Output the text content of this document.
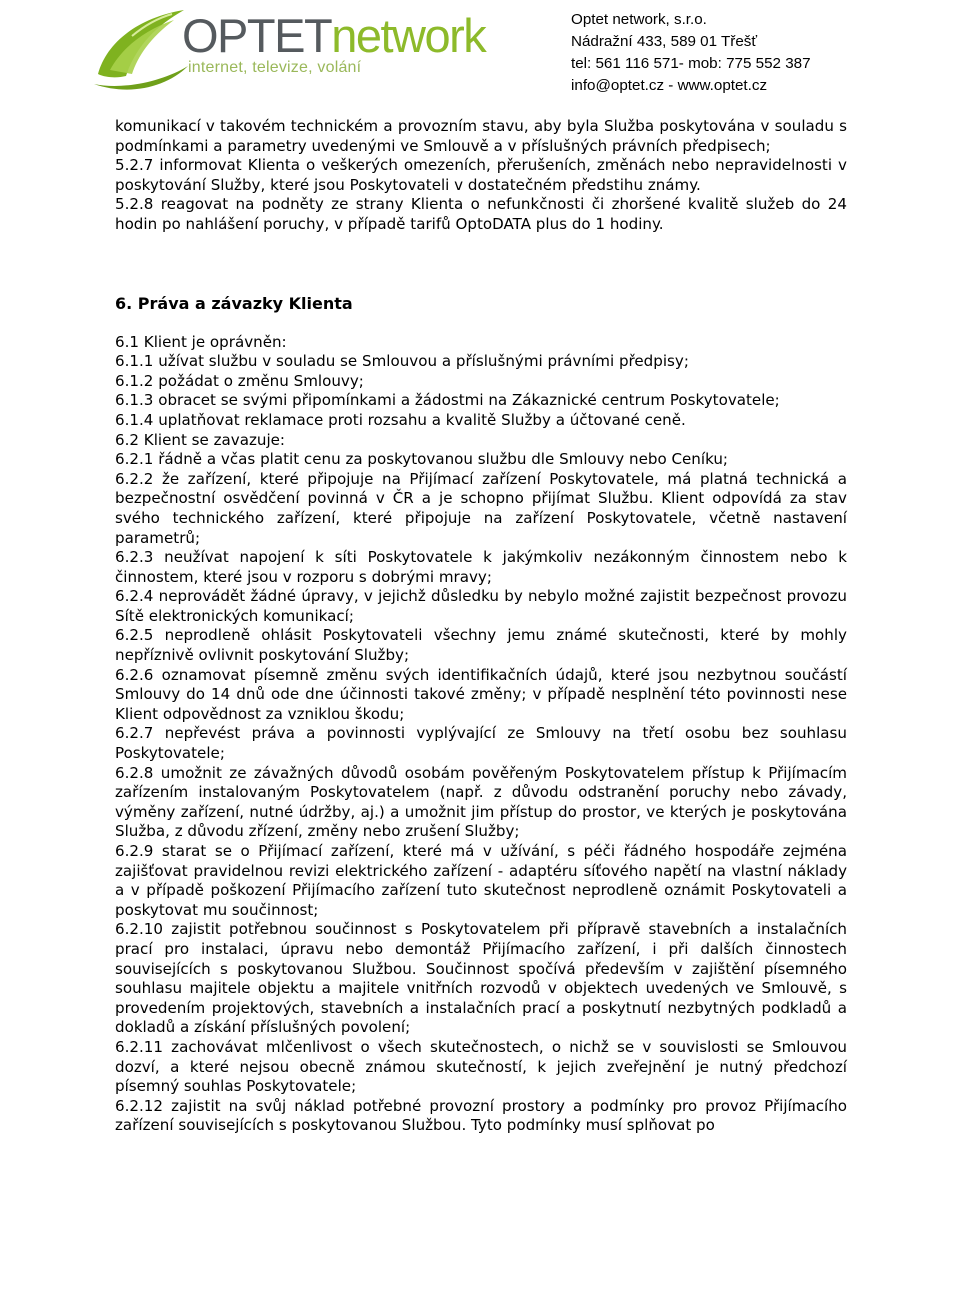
OPTETnetwork
internet, televize, volání
Optet network, s.r.o.
Nádražní 433, 589 01 Třešť
tel: 561 116 571- mob: 775 552 387
info@optet.cz - www.optet.cz

komunikací v takovém technickém a provozním stavu, aby byla Služba poskytována v souladu s podmínkami a parametry uvedenými ve Smlouvě a v příslušných právních předpisech;

5.2.7 informovat Klienta o veškerých omezeních, přerušeních, změnách nebo nepravidelnosti v poskytování Služby, které jsou Poskytovateli v dostatečném předstihu známy.

5.2.8 reagovat na podněty ze strany Klienta o nefunkčnosti či zhoršené kvalitě služeb do 24 hodin po nahlášení poruchy, v případě tarifů OptoDATA plus do 1 hodiny.

6. Práva a závazky Klienta

6.1 Klient je oprávněn:

6.1.1 užívat službu v souladu se Smlouvou a příslušnými právními předpisy;

6.1.2 požádat o změnu Smlouvy;

6.1.3 obracet se svými připomínkami a žádostmi na Zákaznické centrum Poskytovatele;

6.1.4 uplatňovat reklamace proti rozsahu a kvalitě Služby a účtované ceně.

6.2 Klient se zavazuje:

6.2.1 řádně a včas platit cenu za poskytovanou službu dle Smlouvy nebo Ceníku;

6.2.2 že zařízení, které připojuje na Přijímací zařízení Poskytovatele, má platná technická a bezpečnostní osvědčení povinná v ČR a je schopno přijímat Službu. Klient odpovídá za stav svého technického zařízení, které připojuje na zařízení Poskytovatele, včetně nastavení parametrů;

6.2.3 neužívat napojení k síti Poskytovatele k jakýmkoliv nezákonným činnostem nebo k činnostem, které jsou v rozporu s dobrými mravy;

6.2.4 neprovádět žádné úpravy, v jejichž důsledku by nebylo možné zajistit bezpečnost provozu Sítě elektronických komunikací;

6.2.5 neprodleně ohlásit Poskytovateli všechny jemu známé skutečnosti, které by mohly nepříznivě ovlivnit poskytování Služby;

6.2.6 oznamovat písemně změnu svých identifikačních údajů, které jsou nezbytnou součástí Smlouvy do 14 dnů ode dne účinnosti takové změny; v případě nesplnění této povinnosti nese Klient odpovědnost za vzniklou škodu;

6.2.7 nepřevést práva a povinnosti vyplývající ze Smlouvy na třetí osobu bez souhlasu Poskytovatele;

6.2.8 umožnit ze závažných důvodů osobám pověřeným Poskytovatelem přístup k Přijímacím zařízením instalovaným Poskytovatelem (např. z důvodu odstranění poruchy nebo závady, výměny zařízení, nutné údržby, aj.) a umožnit jim přístup do prostor, ve kterých je poskytována Služba, z důvodu zřízení, změny nebo zrušení Služby;

6.2.9 starat se o Přijímací zařízení, které má v užívání, s péči řádného hospodáře zejména zajišťovat pravidelnou revizi elektrického zařízení - adaptéru síťového napětí na vlastní náklady a v případě poškození Přijímacího zařízení tuto skutečnost neprodleně oznámit Poskytovateli a poskytovat mu součinnost;

6.2.10 zajistit potřebnou součinnost s Poskytovatelem při přípravě stavebních a instalačních prací pro instalaci, úpravu nebo demontáž Přijímacího zařízení, i při dalších činnostech souvisejících s poskytovanou Službou. Součinnost spočívá především v zajištění písemného souhlasu majitele objektu a majitele vnitřních rozvodů v objektech uvedených ve Smlouvě, s provedením projektových, stavebních a instalačních prací a poskytnutí nezbytných podkladů a dokladů a získání příslušných povolení;

6.2.11 zachovávat mlčenlivost o všech skutečnostech, o nichž se v souvislosti se Smlouvou dozví, a které nejsou obecně známou skutečností, k jejich zveřejnění je nutný předchozí písemný souhlas Poskytovatele;

6.2.12 zajistit na svůj náklad potřebné provozní prostory a podmínky pro provoz Přijímacího zařízení souvisejících s poskytovanou Službou. Tyto podmínky musí splňovat po
